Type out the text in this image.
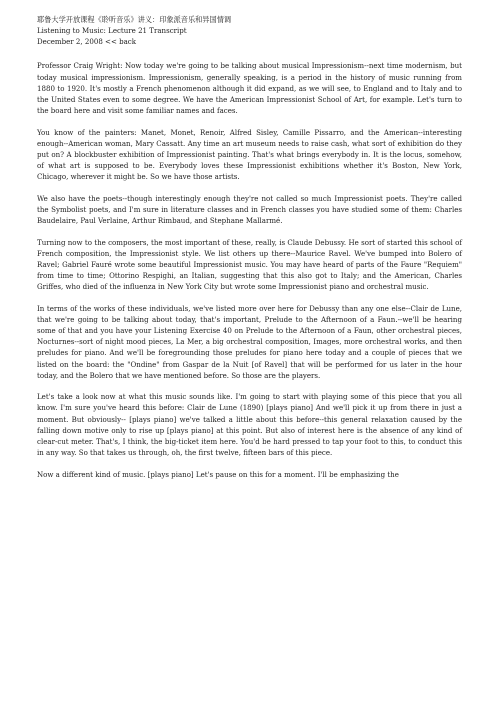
耶鲁大学开放课程《聆听音乐》讲义：印象派音乐和异国情调
Listening to Music: Lecture 21 Transcript
December 2, 2008 << back
Professor Craig Wright: Now today we're going to be talking about musical Impressionism--next time modernism, but today musical impressionism. Impressionism, generally speaking, is a period in the history of music running from 1880 to 1920. It's mostly a French phenomenon although it did expand, as we will see, to England and to Italy and to the United States even to some degree. We have the American Impressionist School of Art, for example. Let's turn to the board here and visit some familiar names and faces.
You know of the painters: Manet, Monet, Renoir, Alfred Sisley, Camille Pissarro, and the American--interesting enough--American woman, Mary Cassatt. Any time an art museum needs to raise cash, what sort of exhibition do they put on? A blockbuster exhibition of Impressionist painting. That's what brings everybody in. It is the locus, somehow, of what art is supposed to be. Everybody loves these Impressionist exhibitions whether it's Boston, New York, Chicago, wherever it might be. So we have those artists.
We also have the poets--though interestingly enough they're not called so much Impressionist poets. They're called the Symbolist poets, and I'm sure in literature classes and in French classes you have studied some of them: Charles Baudelaire, Paul Verlaine, Arthur Rimbaud, and Stephane Mallarmé.
Turning now to the composers, the most important of these, really, is Claude Debussy. He sort of started this school of French composition, the Impressionist style. We list others up there--Maurice Ravel. We've bumped into Bolero of Ravel; Gabriel Fauré wrote some beautiful Impressionist music. You may have heard of parts of the Faure "Requiem" from time to time; Ottorino Respighi, an Italian, suggesting that this also got to Italy; and the American, Charles Griffes, who died of the influenza in New York City but wrote some Impressionist piano and orchestral music.
In terms of the works of these individuals, we've listed more over here for Debussy than any one else--Clair de Lune, that we're going to be talking about today, that's important, Prelude to the Afternoon of a Faun.--we'll be hearing some of that and you have your Listening Exercise 40 on Prelude to the Afternoon of a Faun, other orchestral pieces, Nocturnes--sort of night mood pieces, La Mer, a big orchestral composition, Images, more orchestral works, and then preludes for piano. And we'll be foregrounding those preludes for piano here today and a couple of pieces that we listed on the board: the "Ondine" from Gaspar de la Nuit [of Ravel] that will be performed for us later in the hour today, and the Bolero that we have mentioned before. So those are the players.
Let's take a look now at what this music sounds like. I'm going to start with playing some of this piece that you all know. I'm sure you've heard this before: Clair de Lune (1890) [plays piano] And we'll pick it up from there in just a moment. But obviously-- [plays piano] we've talked a little about this before--this general relaxation caused by the falling down motive only to rise up [plays piano] at this point. But also of interest here is the absence of any kind of clear-cut meter. That's, I think, the big-ticket item here. You'd be hard pressed to tap your foot to this, to conduct this in any way. So that takes us through, oh, the first twelve, fifteen bars of this piece.
Now a different kind of music. [plays piano] Let's pause on this for a moment. I'll be emphasizing the
